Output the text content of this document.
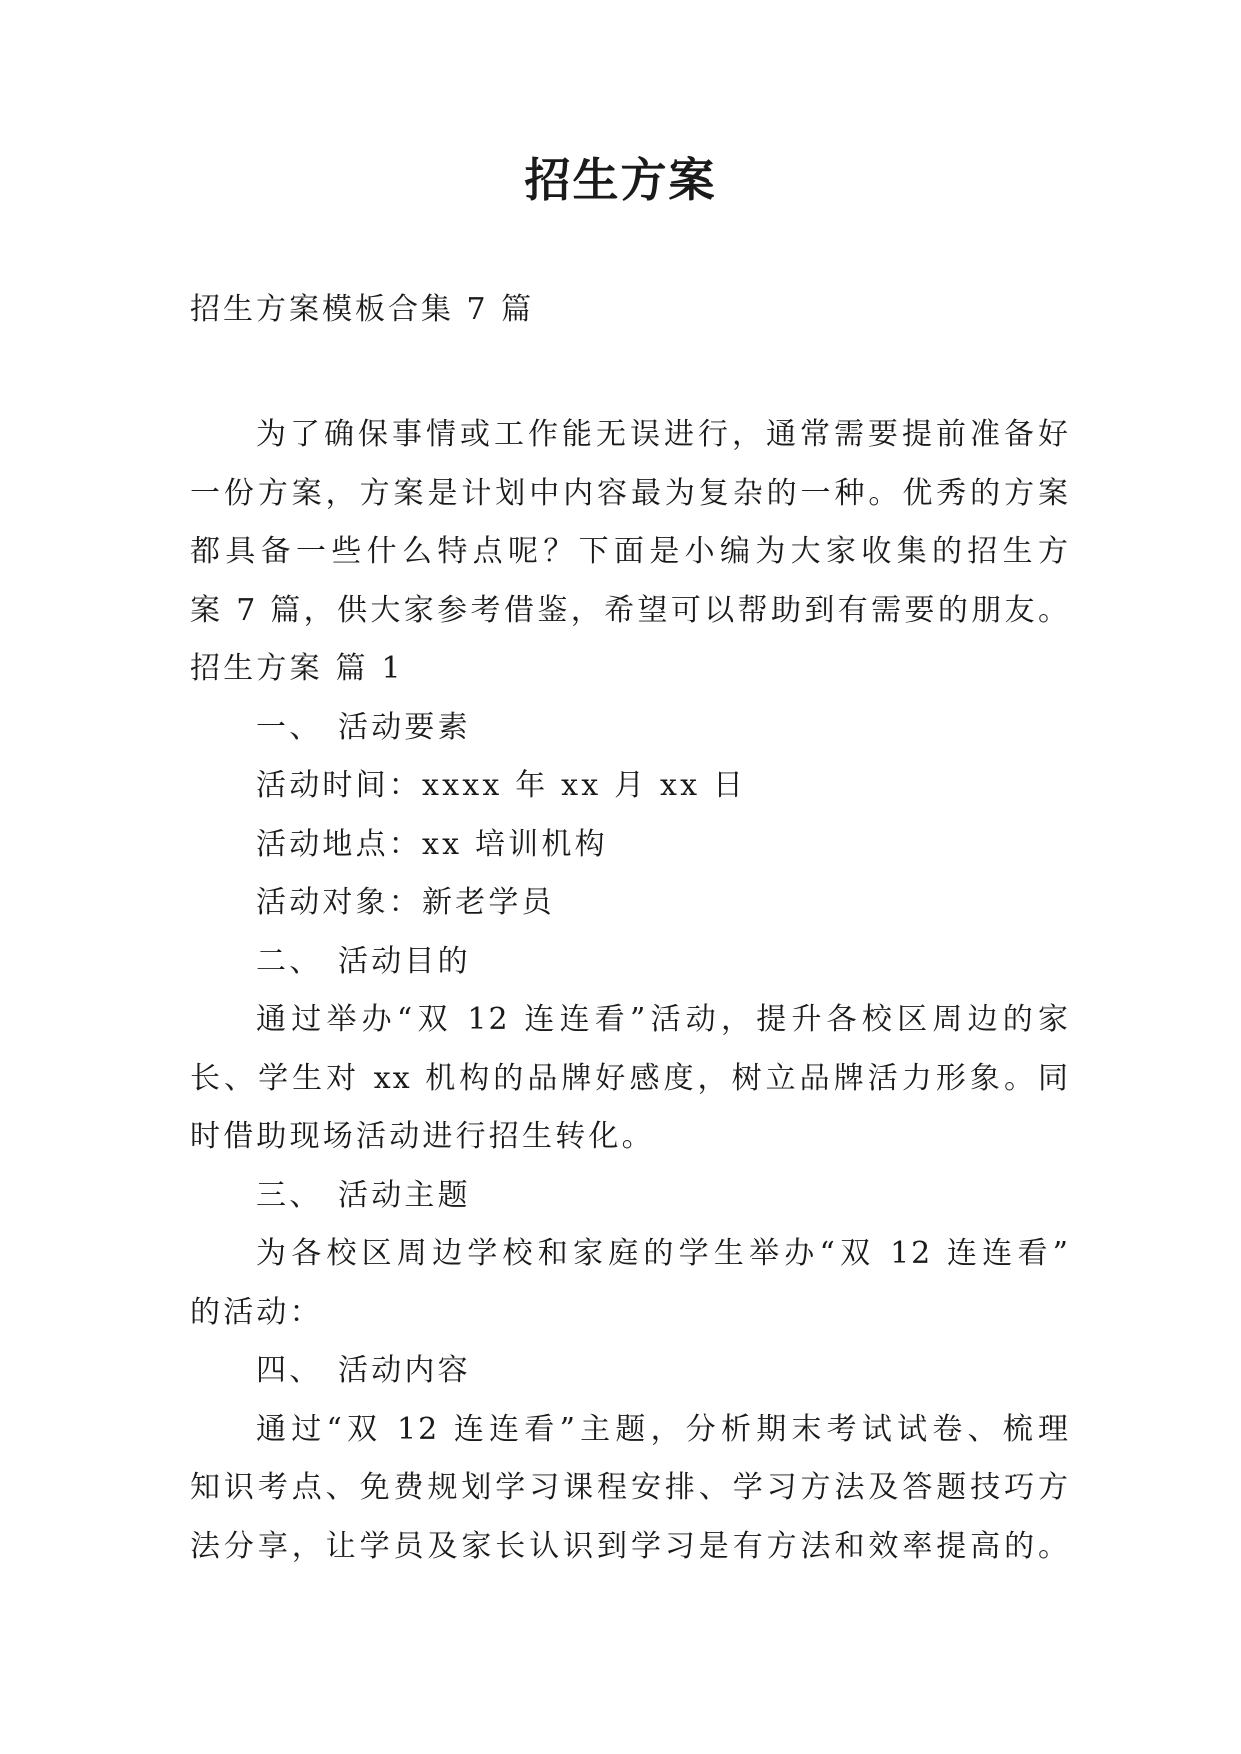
招生方案
招生方案模板合集 7 篇
为了确保事情或工作能无误进行，通常需要提前准备好
一份方案，方案是计划中内容最为复杂的一种。优秀的方案
都具备一些什么特点呢？下面是小编为大家收集的招生方
案 7 篇，供大家参考借鉴，希望可以帮助到有需要的朋友。
招生方案 篇 1
一、 活动要素
活动时间：xxxx 年 xx 月 xx 日
活动地点：xx 培训机构
活动对象：新老学员
二、 活动目的
通过举办“双 12 连连看”活动，提升各校区周边的家
长、学生对 xx 机构的品牌好感度，树立品牌活力形象。同
时借助现场活动进行招生转化。
三、 活动主题
为各校区周边学校和家庭的学生举办“双 12 连连看”
的活动：
四、 活动内容
通过“双 12 连连看”主题，分析期末考试试卷、梳理
知识考点、免费规划学习课程安排、学习方法及答题技巧方
法分享，让学员及家长认识到学习是有方法和效率提高的。
